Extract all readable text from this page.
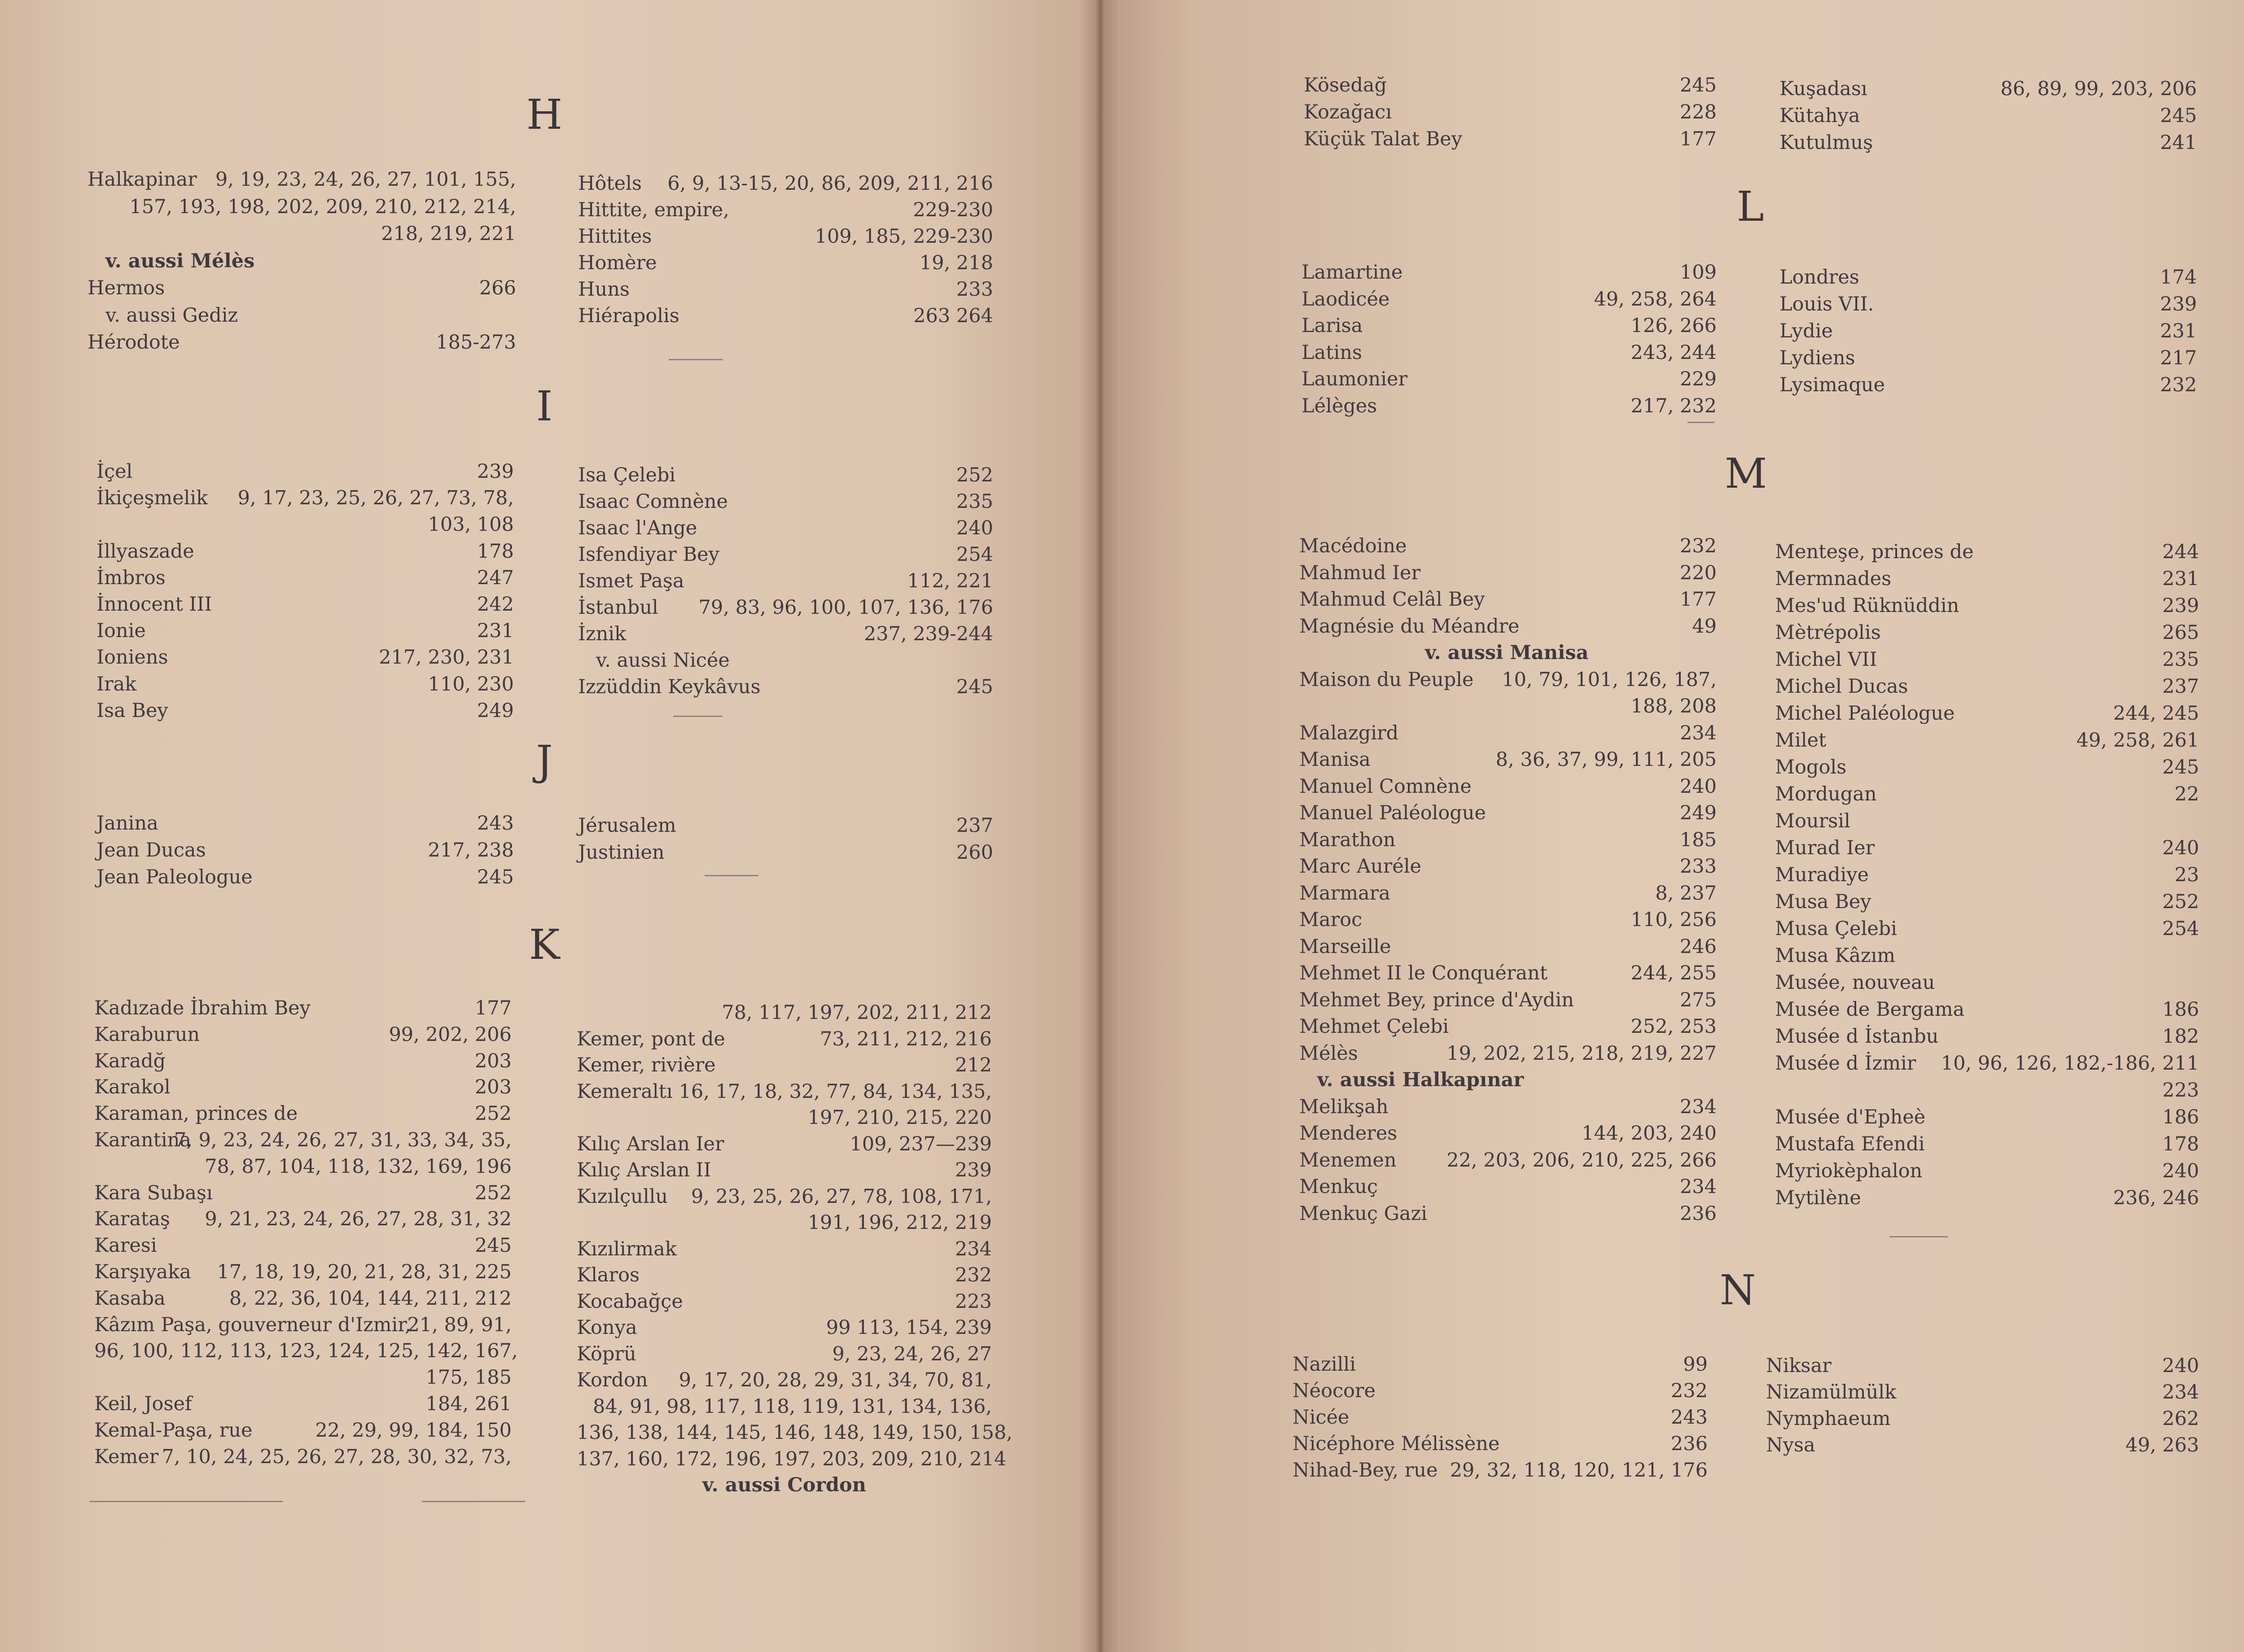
H
I
J
K
L
M
N
Halkapinar 9, 19, 23, 24, 26, 27, 101, 155,
157, 193, 198, 202, 209, 210, 212, 214,
218, 219, 221
v. aussi Mélès
Hermos	266
v. aussi Gediz
Hérodote	185-273
Hôtels 6, 9, 13-15, 20, 86, 209, 211, 216
Hittite, empire,	229-230
Hittites	109, 185, 229-230
Homère	19, 218
Huns	233
Hiérapolis	263 264
İçel	239
İkiçeşmelik 9, 17, 23, 25, 26, 27, 73, 78,
103, 108
İllyaszade	178
İmbros	247
İnnocent III	242
Ionie	231
Ioniens	217, 230, 231
Irak	110, 230
Isa Bey	249
Isa Çelebi	252
Isaac Comnène	235
Isaac l'Ange	240
Isfendiyar Bey	254
Ismet Paşa	112, 221
İstanbul 79, 83, 96, 100, 107, 136, 176
İznik	237, 239-244
v. aussi Nicée
Izzüddin Keykâvus	245
Janina	243
Jean Ducas	217, 238
Jean Paleologue	245
Jérusalem	237
Justinien	260
Kadızade İbrahim Bey	177
Karaburun	99, 202, 206
Karadğ	203
Karakol	203
Karaman, princes de	252
Karantina
7, 9, 23, 24, 26, 27, 31, 33, 34, 35,
78, 87, 104, 118, 132, 169, 196
Kara Subaşı	252
Karataş 9, 21, 23, 24, 26, 27, 28, 31, 32
Karesi	245
Karşıyaka 17, 18, 19, 20, 21, 28, 31, 225
Kasaba	8, 22, 36, 104, 144, 211, 212
Kâzım Paşa, gouverneur d'Izmir,
21, 89, 91,
96, 100, 112, 113, 123, 124, 125, 142, 167,
175, 185
Keil, Josef	184, 261
Kemal-Paşa, rue	22, 29, 99, 184, 150
Kemer 7, 10, 24, 25, 26, 27, 28, 30, 32, 73,
78, 117, 197, 202, 211, 212
Kemer, pont de	73, 211, 212, 216
Kemer, rivière	212
Kemeraltı 16, 17, 18, 32, 77, 84, 134, 135,
197, 210, 215, 220
Kılıç Arslan Ier	109, 237—239
Kılıç Arslan II	239
Kızılçullu 9, 23, 25, 26, 27, 78, 108, 171,
191, 196, 212, 219
Kızılirmak	234
Klaros	232
Kocabağçe	223
Konya	99 113, 154, 239
Köprü	9, 23, 24, 26, 27
Kordon 9, 17, 20, 28, 29, 31, 34, 70, 81,
84, 91, 98, 117, 118, 119, 131, 134, 136,
136, 138, 144, 145, 146, 148, 149, 150, 158,
137, 160, 172, 196, 197, 203, 209, 210, 214
v. aussi Cordon
Kösedağ	245
Kozağacı	228
Küçük Talat Bey	177
Kuşadası	86, 89, 99, 203, 206
Kütahya	245
Kutulmuş	241
Lamartine	109
Laodicée	49, 258, 264
Larisa	126, 266
Latins	243, 244
Laumonier	229
Lélèges	217, 232
Londres	174
Louis VII.	239
Lydie	231
Lydiens	217
Lysimaque	232
Macédoine	232
Mahmud Ier	220
Mahmud Celâl Bey	177
Magnésie du Méandre	49
v. aussi Manisa
Maison du Peuple 10, 79, 101, 126, 187,
188, 208
Malazgird	234
Manisa	8, 36, 37, 99, 111, 205
Manuel Comnène	240
Manuel Paléologue	249
Marathon	185
Marc Auréle	233
Marmara	8, 237
Maroc	110, 256
Marseille	246
Mehmet II le Conquérant	244, 255
Mehmet Bey, prince d'Aydin	275
Mehmet Çelebi	252, 253
Mélès	19, 202, 215, 218, 219, 227
v. aussi Halkapınar
Melikşah	234
Menderes	144, 203, 240
Menemen	22, 203, 206, 210, 225, 266
Menkuç	234
Menkuç Gazi	236
Menteşe, princes de	244
Mermnades	231
Mes'ud Rüknüddin	239
Mètrépolis	265
Michel VII	235
Michel Ducas	237
Michel Paléologue	244, 245
Milet	49, 258, 261
Mogols	245
Mordugan	22
Moursil
Murad Ier	240
Muradiye	23
Musa Bey	252
Musa Çelebi	254
Musa Kâzım
Musée, nouveau
Musée de Bergama	186
Musée d İstanbu	182
Musée d İzmir 10, 96, 126, 182,-186, 211
223
Musée d'Epheè	186
Mustafa Efendi	178
Myriokèphalon	240
Mytilène	236, 246
Nazilli	99
Néocore	232
Nicée	243
Nicéphore Mélissène	236
Nihad-Bey, rue 29, 32, 118, 120, 121, 176
Niksar	240
Nizamülmülk	234
Nymphaeum	262
Nysa	49, 263
